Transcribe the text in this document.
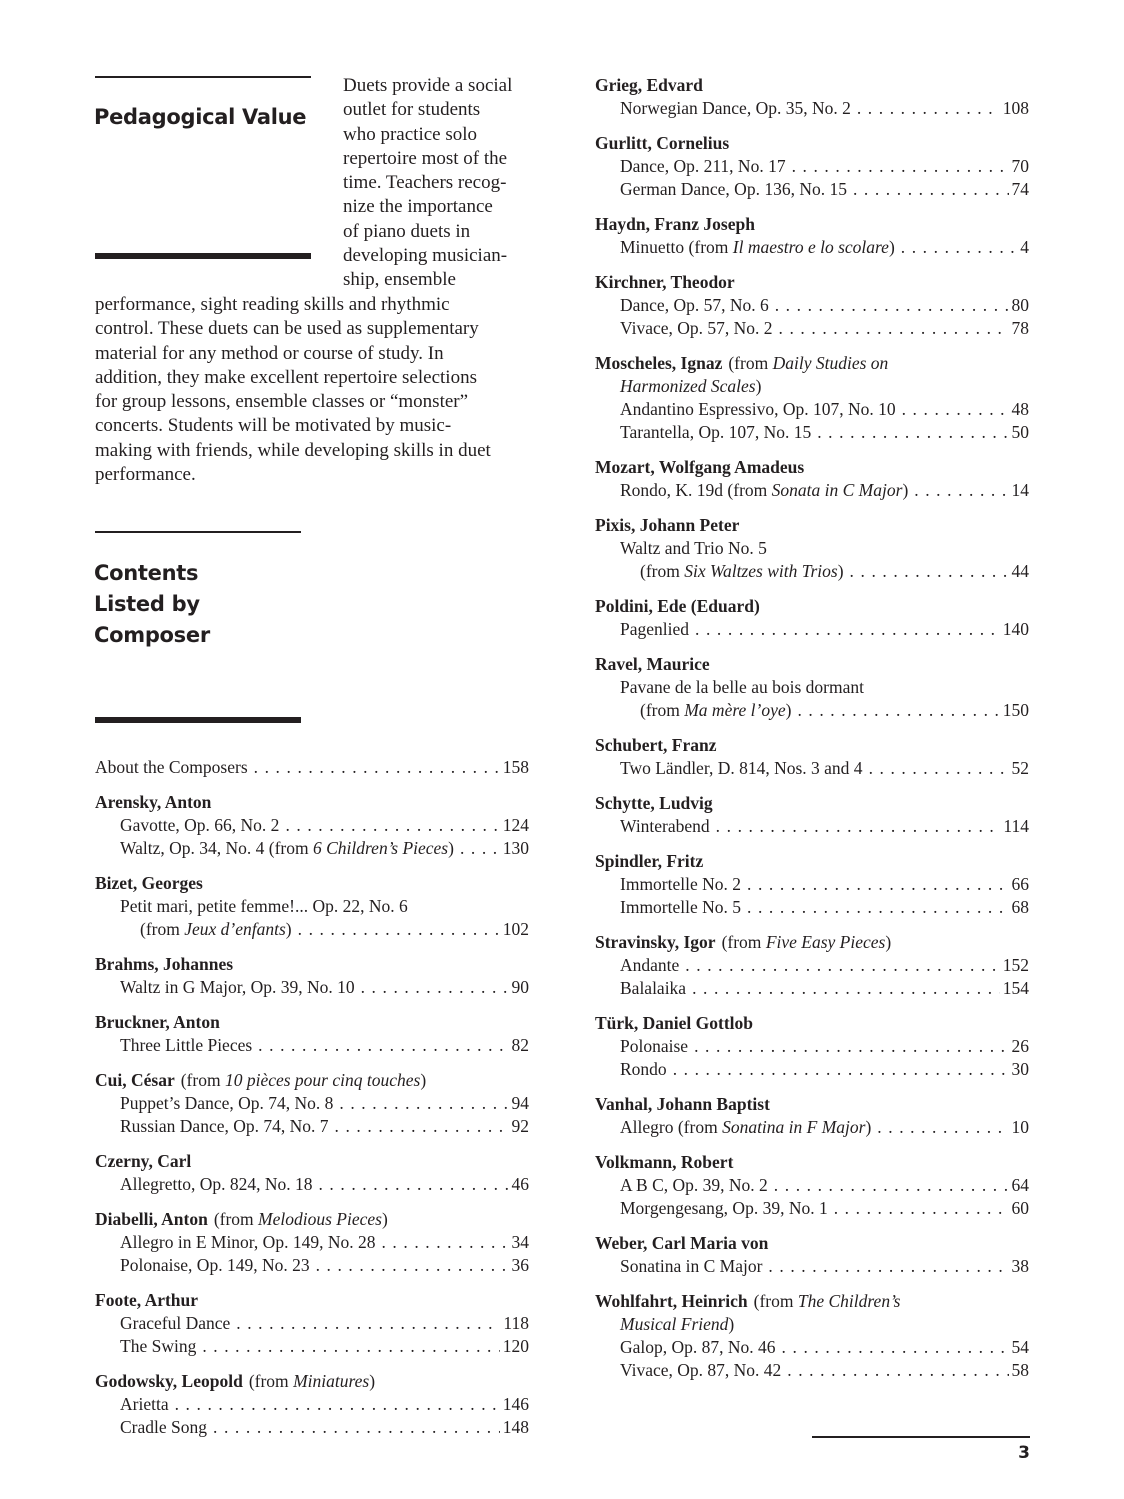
Pedagogical Value
Duets provide a social
outlet for students
who practice solo
repertoire most of the
time. Teachers recog-
nize the importance
of piano duets in
developing musician-
ship, ensemble
performance, sight reading skills and rhythmic
control. These duets can be used as supplementary
material for any method or course of study. In
addition, they make excellent repertoire selections
for group lessons, ensemble classes or “monster”
concerts. Students will be motivated by music-
making with friends, while developing skills in duet
performance.
Contents
Listed by
Composer
About the Composers . . .	158
Arensky, Anton
Gavotte, Op. 66, No. 2 . . .	124
Waltz, Op. 34, No. 4 (from 6 Children’s Pieces) . . .	130
Bizet, Georges
Petit mari, petite femme!... Op. 22, No. 6
(from Jeux d’enfants) . . .	102
Brahms, Johannes
Waltz in G Major, Op. 39, No. 10 . . .	90
Bruckner, Anton
Three Little Pieces . . .	82
Cui, César (from 10 pièces pour cinq touches)
Puppet’s Dance, Op. 74, No. 8 . . .	94
Russian Dance, Op. 74, No. 7 . . .	92
Czerny, Carl
Allegretto, Op. 824, No. 18 . . .	46
Diabelli, Anton (from Melodious Pieces)
Allegro in E Minor, Op. 149, No. 28 . . .	34
Polonaise, Op. 149, No. 23 . . .	36
Foote, Arthur
Graceful Dance . . .	118
The Swing . . .	120
Godowsky, Leopold (from Miniatures)
Arietta . . .	146
Cradle Song . . .	148
Grieg, Edvard
Norwegian Dance, Op. 35, No. 2 . . .	108
Gurlitt, Cornelius
Dance, Op. 211, No. 17 . . .	70
German Dance, Op. 136, No. 15 . . .	74
Haydn, Franz Joseph
Minuetto (from Il maestro e lo scolare) . . .	4
Kirchner, Theodor
Dance, Op. 57, No. 6 . . .	80
Vivace, Op. 57, No. 2 . . .	78
Moscheles, Ignaz (from Daily Studies on
Harmonized Scales )
Andantino Espressivo, Op. 107, No. 10 . . .	48
Tarantella, Op. 107, No. 15 . . .	50
Mozart, Wolfgang Amadeus
Rondo, K. 19d (from Sonata in C Major) . . .	14
Pixis, Johann Peter
Waltz and Trio No. 5
(from Six Waltzes with Trios) . . .	44
Poldini, Ede (Eduard)
Pagenlied . . .	140
Ravel, Maurice
Pavane de la belle au bois dormant
(from Ma mère l’oye) . . .	150
Schubert, Franz
Two Ländler, D. 814, Nos. 3 and 4 . . .	52
Schytte, Ludvig
Winterabend . . .	114
Spindler, Fritz
Immortelle No. 2 . . .	66
Immortelle No. 5 . . .	68
Stravinsky, Igor (from Five Easy Pieces)
Andante . . .	152
Balalaika . . .	154
Türk, Daniel Gottlob
Polonaise . . .	26
Rondo . . .	30
Vanhal, Johann Baptist
Allegro (from Sonatina in F Major) . . .	10
Volkmann, Robert
A B C, Op. 39, No. 2 . . .	64
Morgengesang, Op. 39, No. 1 . . .	60
Weber, Carl Maria von
Sonatina in C Major . . .	38
Wohlfahrt, Heinrich (from The Children’s
Musical Friend )
Galop, Op. 87, No. 46 . . .	54
Vivace, Op. 87, No. 42 . . .	58
3
